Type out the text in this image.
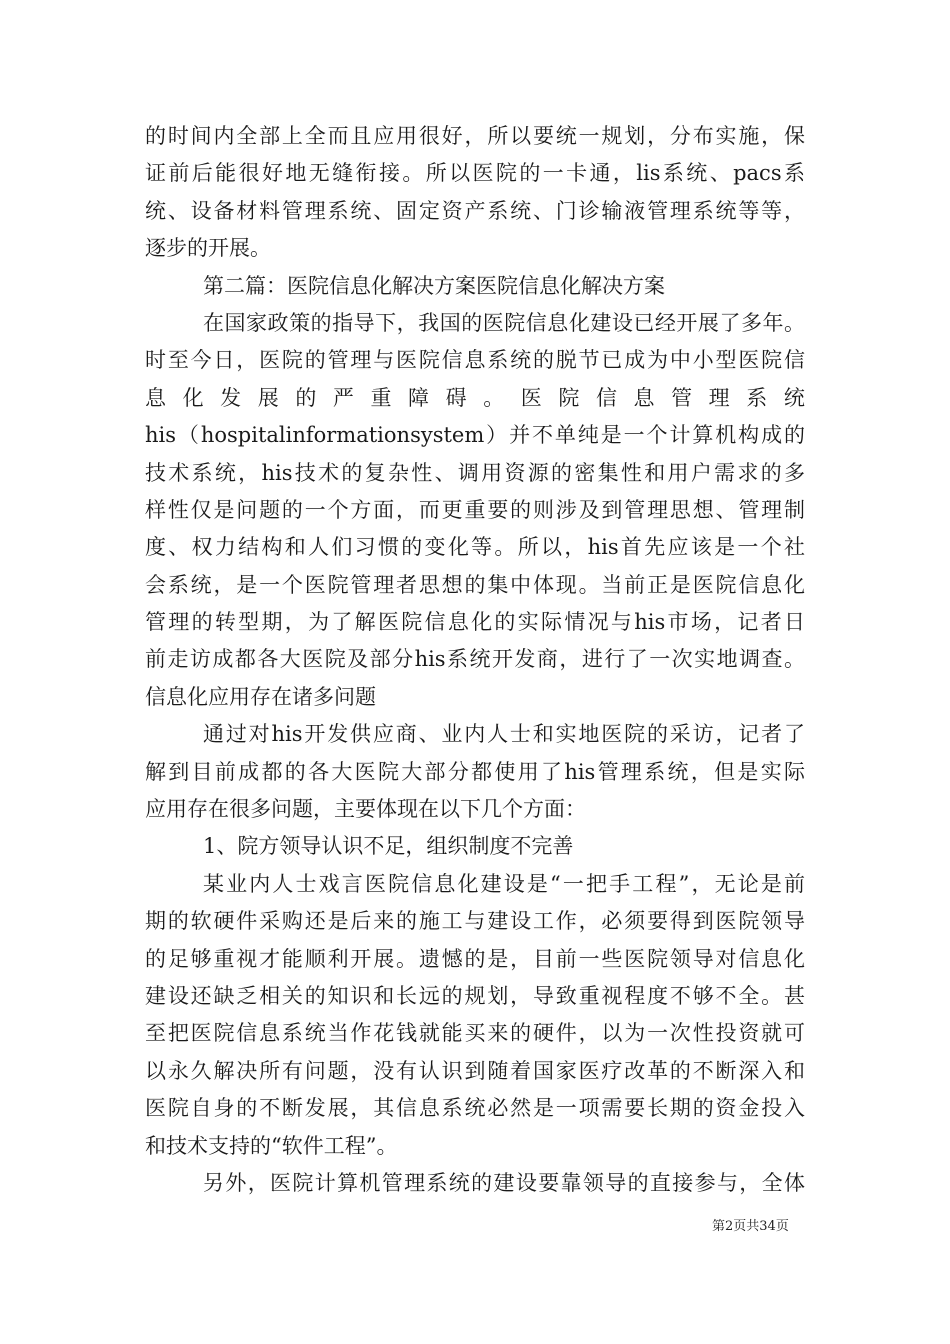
的时间内全部上全而且应用很好，所以要统一规划，分布实施，保
证前后能很好地无缝衔接。所以医院的一卡通，lis系统、pacs系
统、设备材料管理系统、固定资产系统、门诊输液管理系统等等，
逐步的开展。
第二篇：医院信息化解决方案医院信息化解决方案
在国家政策的指导下，我国的医院信息化建设已经开展了多年。
时至今日，医院的管理与医院信息系统的脱节已成为中小型医院信
息 化 发 展 的 严 重 障 碍 。 医 院 信 息 管 理 系 统
his（hospitalinformationsystem）并不单纯是一个计算机构成的
技术系统，his技术的复杂性、调用资源的密集性和用户需求的多
样性仅是问题的一个方面，而更重要的则涉及到管理思想、管理制
度、权力结构和人们习惯的变化等。所以，his首先应该是一个社
会系统，是一个医院管理者思想的集中体现。当前正是医院信息化
管理的转型期，为了解医院信息化的实际情况与his市场，记者日
前走访成都各大医院及部分his系统开发商，进行了一次实地调查。
信息化应用存在诸多问题
通过对his开发供应商、业内人士和实地医院的采访，记者了
解到目前成都的各大医院大部分都使用了his管理系统，但是实际
应用存在很多问题，主要体现在以下几个方面：
1、院方领导认识不足，组织制度不完善
某业内人士戏言医院信息化建设是“一把手工程”，无论是前
期的软硬件采购还是后来的施工与建设工作，必须要得到医院领导
的足够重视才能顺利开展。遗憾的是，目前一些医院领导对信息化
建设还缺乏相关的知识和长远的规划，导致重视程度不够不全。甚
至把医院信息系统当作花钱就能买来的硬件，以为一次性投资就可
以永久解决所有问题，没有认识到随着国家医疗改革的不断深入和
医院自身的不断发展，其信息系统必然是一项需要长期的资金投入
和技术支持的“软件工程”。
另外，医院计算机管理系统的建设要靠领导的直接参与，全体
第2页共34页
